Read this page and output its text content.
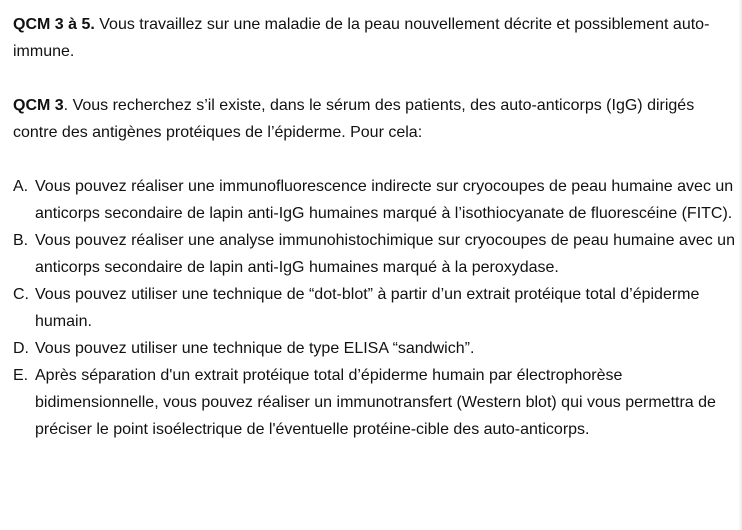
QCM 3 à 5. Vous travaillez sur une maladie de la peau nouvellement décrite et possiblement auto-immune.

QCM 3. Vous recherchez s’il existe, dans le sérum des patients, des auto-anticorps (IgG) dirigés contre des antigènes protéiques de l’épiderme. Pour cela:

A. Vous pouvez réaliser une immunofluorescence indirecte sur cryocoupes de peau humaine avec un anticorps secondaire de lapin anti-IgG humaines marqué à l’isothiocyanate de fluorescéine (FITC).
B. Vous pouvez réaliser une analyse immunohistochimique sur cryocoupes de peau humaine avec un anticorps secondaire de lapin anti-IgG humaines marqué à la peroxydase.
C. Vous pouvez utiliser une technique de “dot-blot” à partir d’un extrait protéique total d’épiderme humain.
D. Vous pouvez utiliser une technique de type ELISA “sandwich”.
E. Après séparation d'un extrait protéique total d’épiderme humain par électrophorèse bidimensionnelle, vous pouvez réaliser un immunotransfert (Western blot) qui vous permettra de préciser le point isoélectrique de l'éventuelle protéine-cible des auto-anticorps.
